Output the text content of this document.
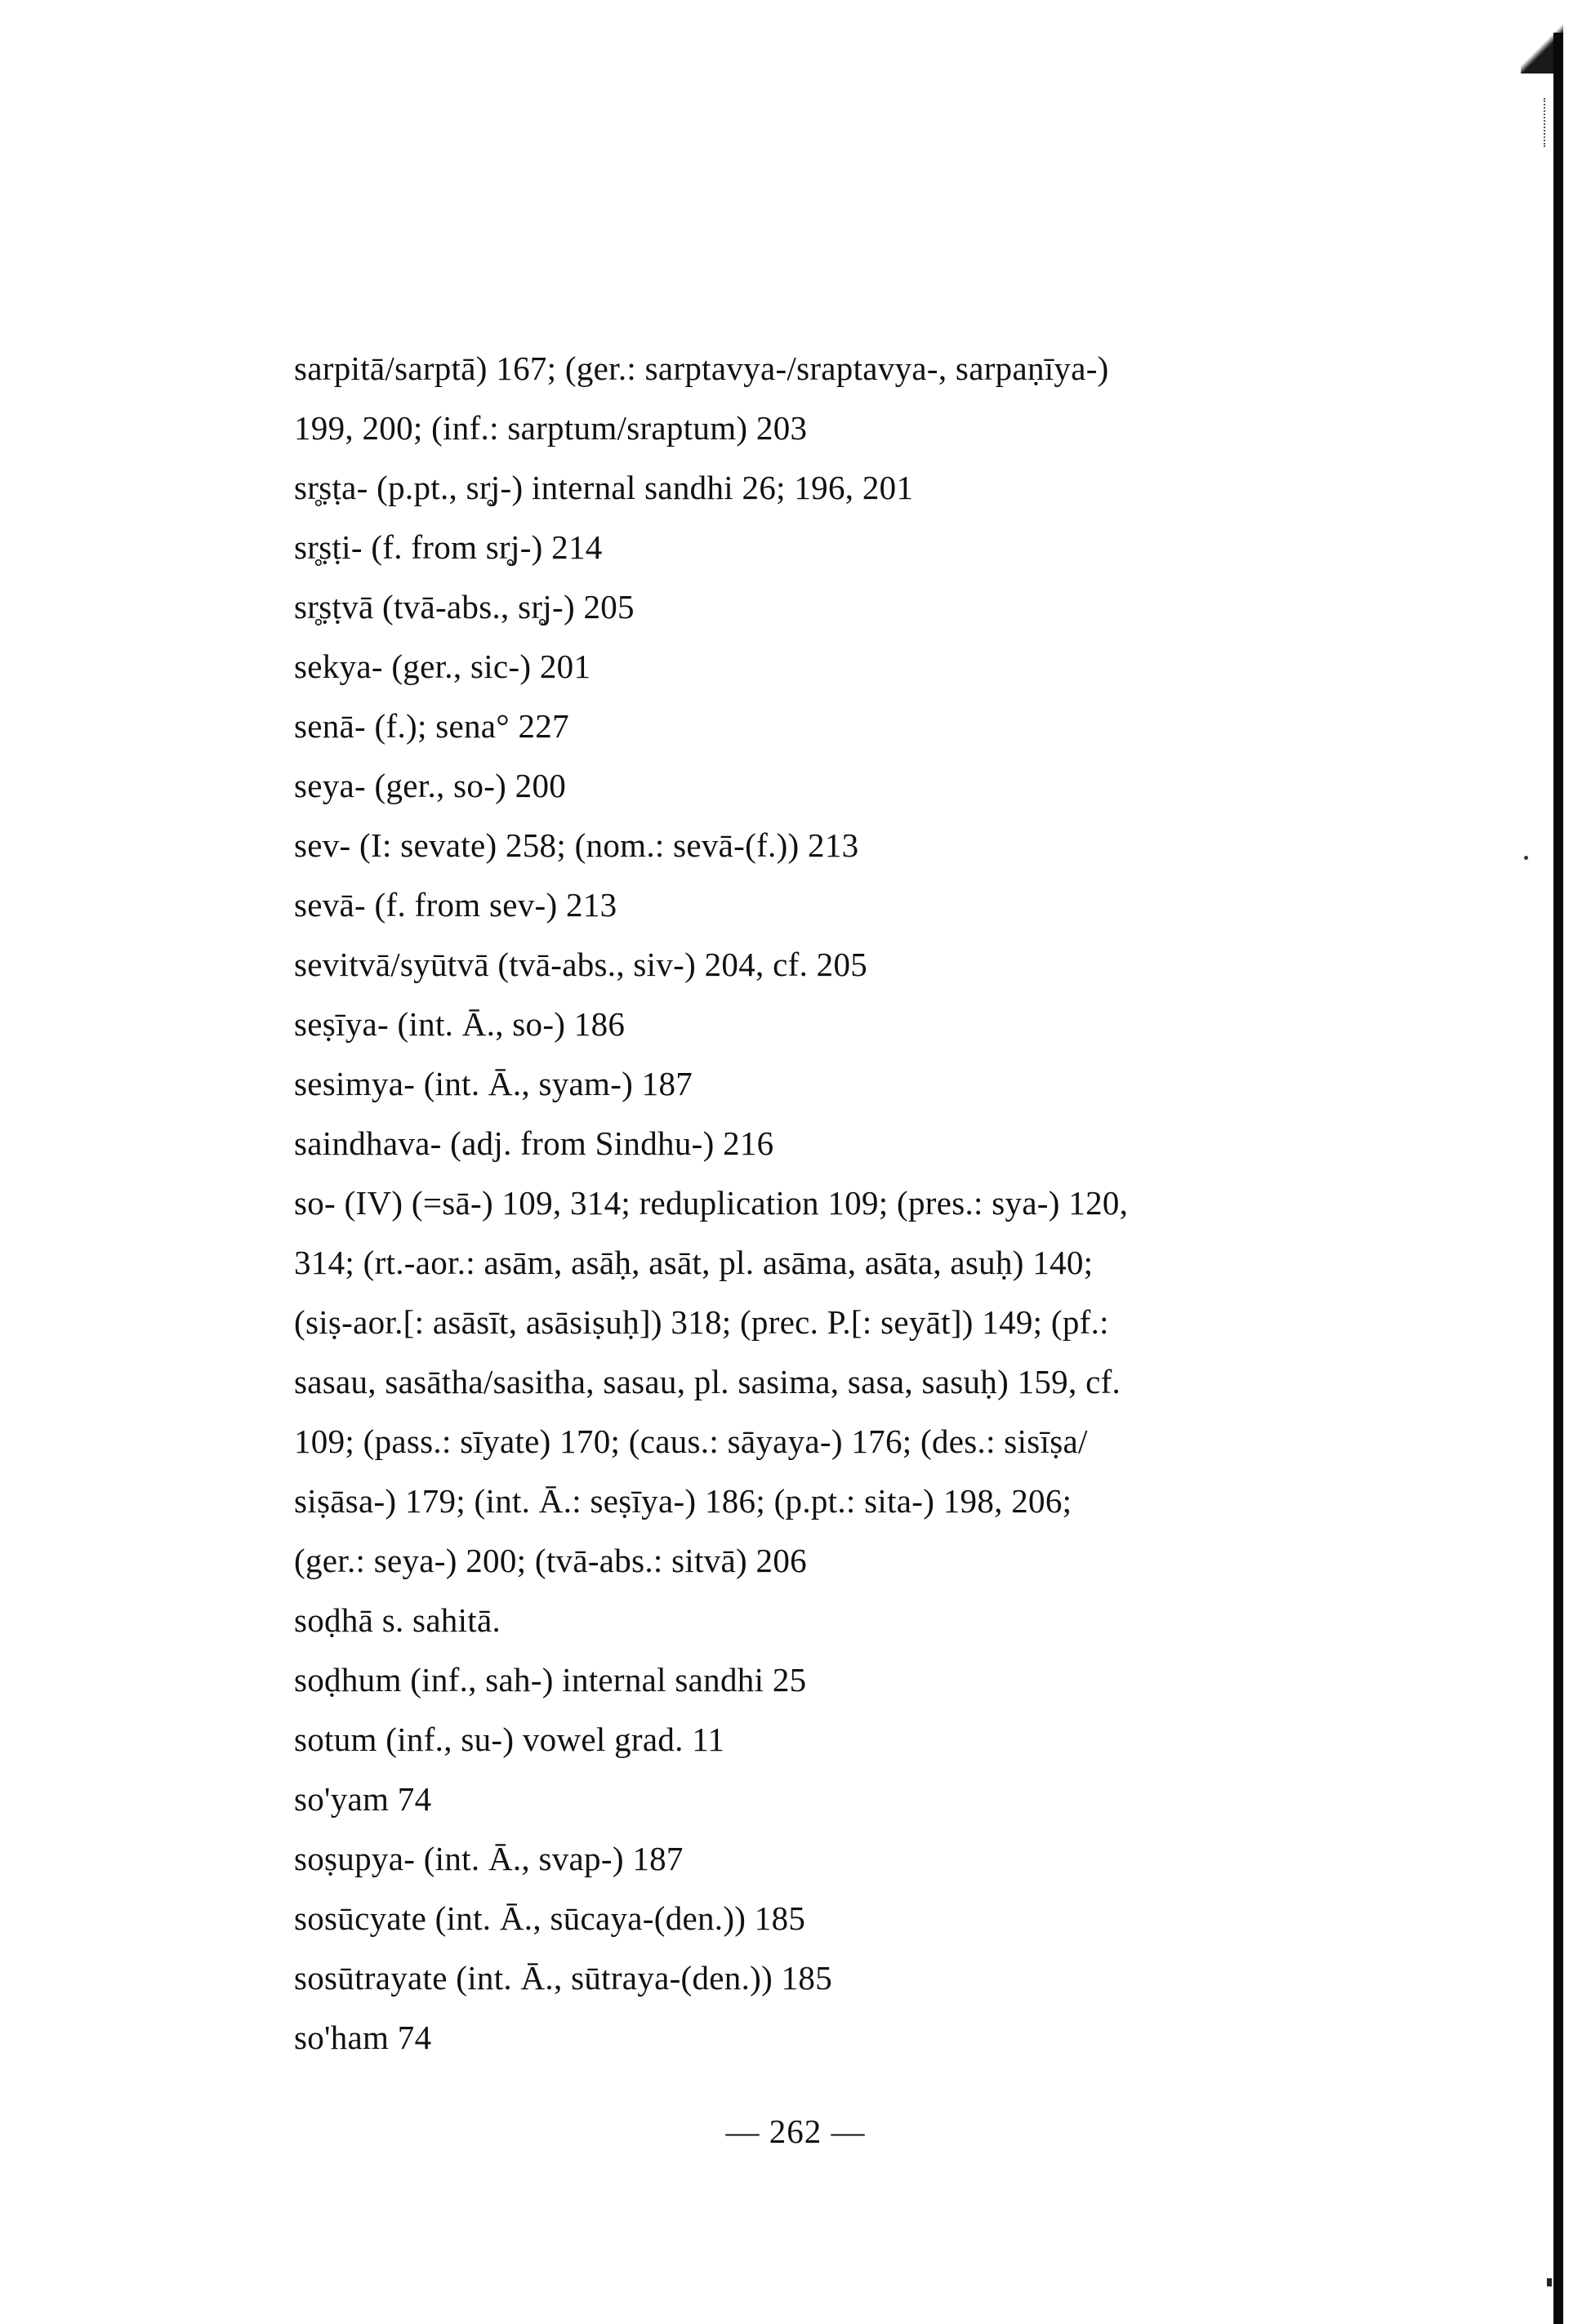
sarpitā/sarptā) 167; (ger.: sarptavya-/sraptavya-, sarpaṇīya-)
199, 200; (inf.: sarptum/sraptum) 203
sr̥ṣṭa- (p.pt., sr̥j-) internal sandhi 26; 196, 201
sr̥ṣṭi- (f. from sr̥j-) 214
sr̥ṣṭvā (tvā-abs., sr̥j-) 205
sekya- (ger., sic-) 201
senā- (f.); sena° 227
seya- (ger., so-) 200
sev- (I: sevate) 258; (nom.: sevā-(f.)) 213
sevā- (f. from sev-) 213
sevitvā/syūtvā (tvā-abs., siv-) 204, cf. 205
seṣīya- (int. Ā., so-) 186
sesimya- (int. Ā., syam-) 187
saindhava- (adj. from Sindhu-) 216
so- (IV) (=sā-) 109, 314; reduplication 109; (pres.: sya-) 120,
314; (rt.-aor.: asām, asāḥ, asāt, pl. asāma, asāta, asuḥ) 140;
(siṣ-aor.[: asāsīt, asāsiṣuḥ]) 318; (prec. P.[: seyāt]) 149; (pf.:
sasau, sasātha/sasitha, sasau, pl. sasima, sasa, sasuḥ) 159, cf.
109; (pass.: sīyate) 170; (caus.: sāyaya-) 176; (des.: sisīṣa/
siṣāsa-) 179; (int. Ā.: seṣīya-) 186; (p.pt.: sita-) 198, 206;
(ger.: seya-) 200; (tvā-abs.: sitvā) 206
soḍhā s. sahitā.
soḍhum (inf., sah-) internal sandhi 25
sotum (inf., su-) vowel grad. 11
so'yam 74
soṣupya- (int. Ā., svap-) 187
sosūcyate (int. Ā., sūcaya-(den.)) 185
sosūtrayate (int. Ā., sūtraya-(den.)) 185
so'ham 74
— 262 —
